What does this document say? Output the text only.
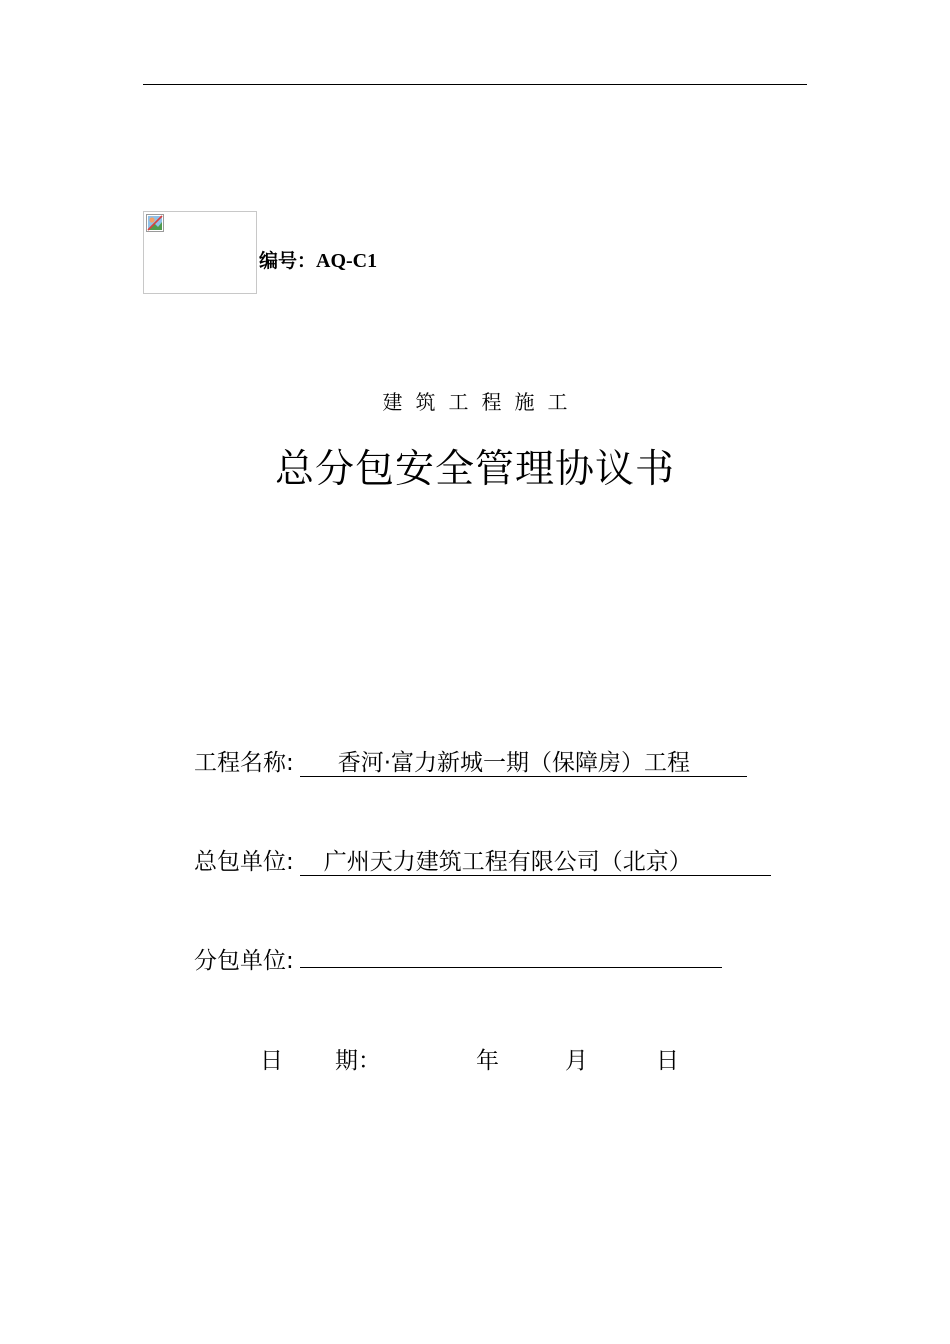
编号：AQ-C1
建筑工程施工
总分包安全管理协议书
工程名称: 香河·富力新城一期（保障房）工程
总包单位: 广州天力建筑工程有限公司（北京）
分包单位:
日 期：	年	月	日
